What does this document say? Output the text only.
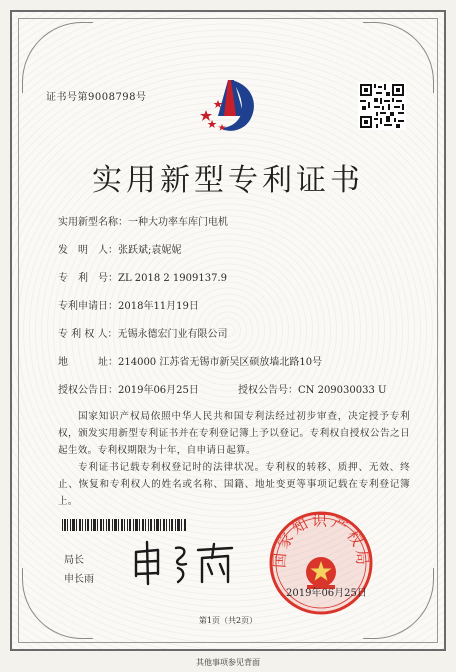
证书号第9008798号
实用新型专利证书
实用新型名称：一种大功率车库门电机
发　明　人：张跃斌;袁妮妮
专　利　号：ZL 2018 2 1909137.9
专利申请日：2018年11月19日
专 利 权 人：无锡永德宏门业有限公司
地　　　址：214000 江苏省无锡市新吴区硕放墙北路10号
授权公告日：2019年06月25日	授权公告号：CN 209030033 U
国家知识产权局依照中华人民共和国专利法经过初步审查，决定授予专利权，颁发实用新型专利证书并在专利登记簿上予以登记。专利权自授权公告之日起生效。专利权期限为十年，自申请日起算。
专利证书记载专利权登记时的法律状况。专利权的转移、质押、无效、终止、恢复和专利权人的姓名或名称、国籍、地址变更等事项记载在专利登记簿上。
局长
申长雨
国家知识产权局
2019年06月25日
第1页（共2页）
其他事项参见背面
